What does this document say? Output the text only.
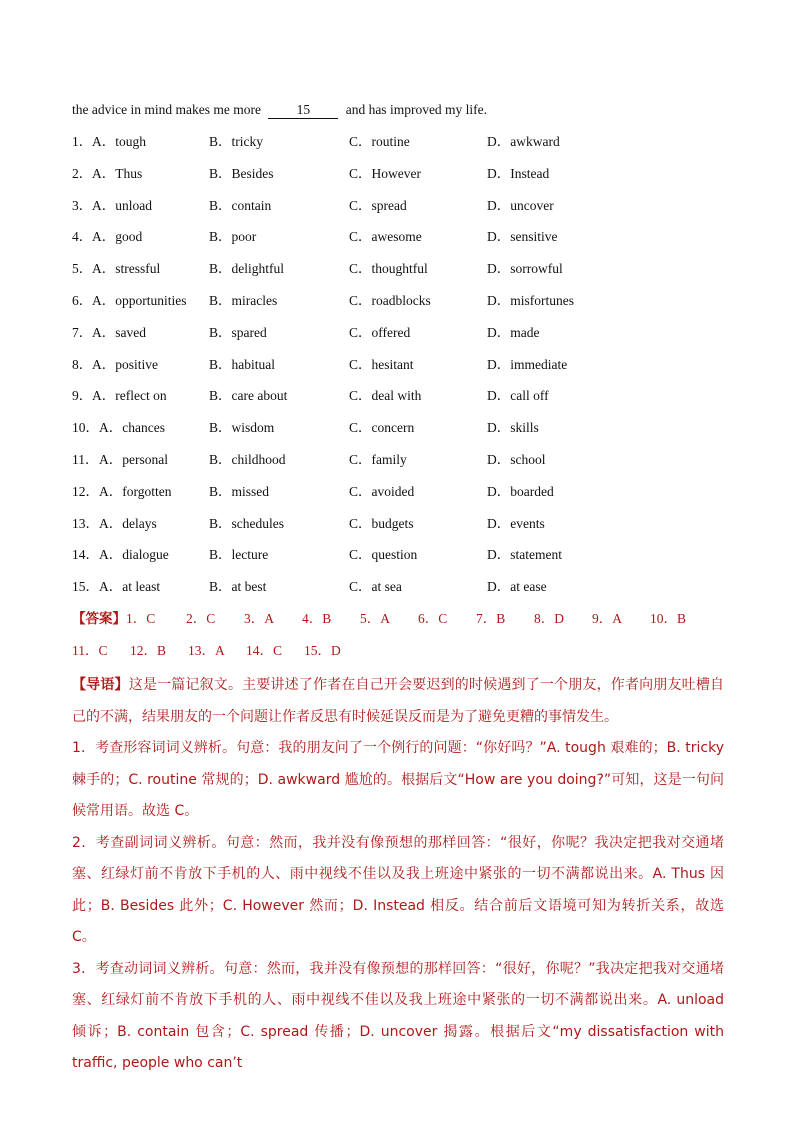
the advice in mind makes me more	15	and has improved my life.
1． A．tough	B．tricky	C．routine	D．awkward
2． A．Thus	B．Besides	C．However	D．Instead
3． A．unload	B．contain	C．spread	D．uncover
4． A．good	B．poor	C．awesome	D．sensitive
5． A．stressful	B．delightful	C．thoughtful	D．sorrowful
6． A．opportunities B．miracles	C．roadblocks	D．misfortunes
7． A．saved	B．spared	C．offered	D．made
8． A．positive	B．habitual	C．hesitant	D．immediate
9． A．reflect on	B．care about	C．deal with	D．call off
10． A．chances	B．wisdom	C．concern	D．skills
11． A．personal	B．childhood	C．family	D．school
12． A．forgotten	B．missed	C．avoided	D．boarded
13． A．delays	B．schedules	C．budgets	D．events
14． A．dialogue	B．lecture	C．question	D．statement
15． A．at least	B．at best	C．at sea	D．at ease
【答案】1．C 2．C 3．A 4．B 5．A 6．C 7．B 8．D 9．A 10．B
11．C 12．B 13．A 14．C 15．D

【导语】这是一篇记叙文。主要讲述了作者在自己开会要迟到的时候遇到了一个朋友，作者向朋友吐槽自己的不满，结果朋友的一个问题让作者反思有时候延误反而是为了避免更糟的事情发生。

1．考查形容词词义辨析。句意：我的朋友问了一个例行的问题：“你好吗？”A. tough 艰难的；B. tricky 棘手的；C. routine 常规的；D. awkward 尴尬的。根据后文“How are you doing?”可知，这是一句问候常用语。故选 C。

2．考查副词词义辨析。句意：然而，我并没有像预想的那样回答：“很好，你呢？我决定把我对交通堵塞、红绿灯前不肯放下手机的人、雨中视线不佳以及我上班途中紧张的一切不满都说出来。A. Thus 因此；B. Besides 此外；C. However 然而；D. Instead 相反。结合前后文语境可知为转折关系，故选 C。

3．考查动词词义辨析。句意：然而，我并没有像预想的那样回答：“很好，你呢？”我决定把我对交通堵塞、红绿灯前不肯放下手机的人、雨中视线不佳以及我上班途中紧张的一切不满都说出来。A. unload　倾诉；B. contain 包含；C. spread 传播；D. uncover 揭露。根据后文“my dissatisfaction with traffic, people who can’t
